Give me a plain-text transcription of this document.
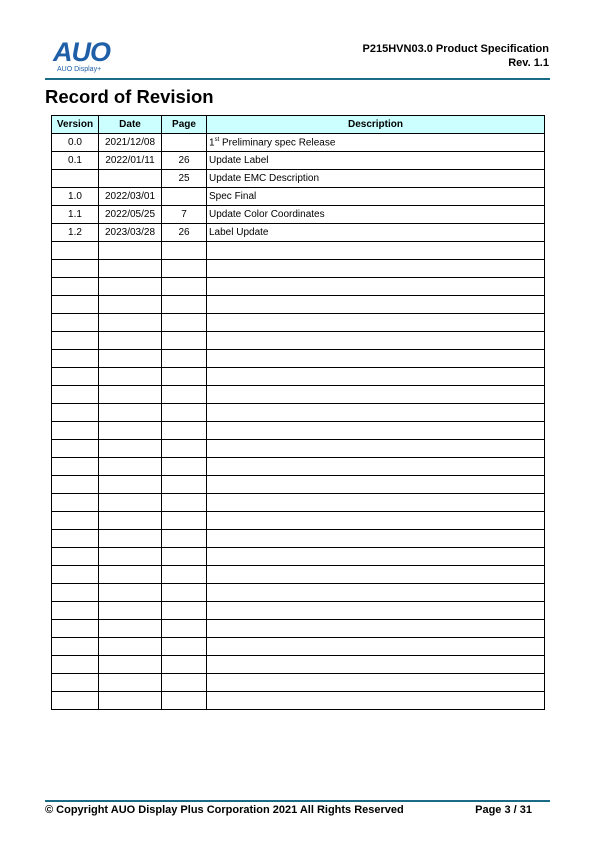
AUO
AUO Display+
P215HVN03.0 Product Specification
Rev. 1.1
Record of Revision
Version	Date	Page	Description
0.0	2021/12/08		1st Preliminary spec Release
0.1	2022/01/11	26	Update Label
		25	Update EMC Description
1.0	2022/03/01		Spec Final
1.1	2022/05/25	7	Update Color Coordinates
1.2	2023/03/28	26	Label Update

© Copyright AUO Display Plus Corporation 2021 All Rights Reserved	Page 3 / 31
